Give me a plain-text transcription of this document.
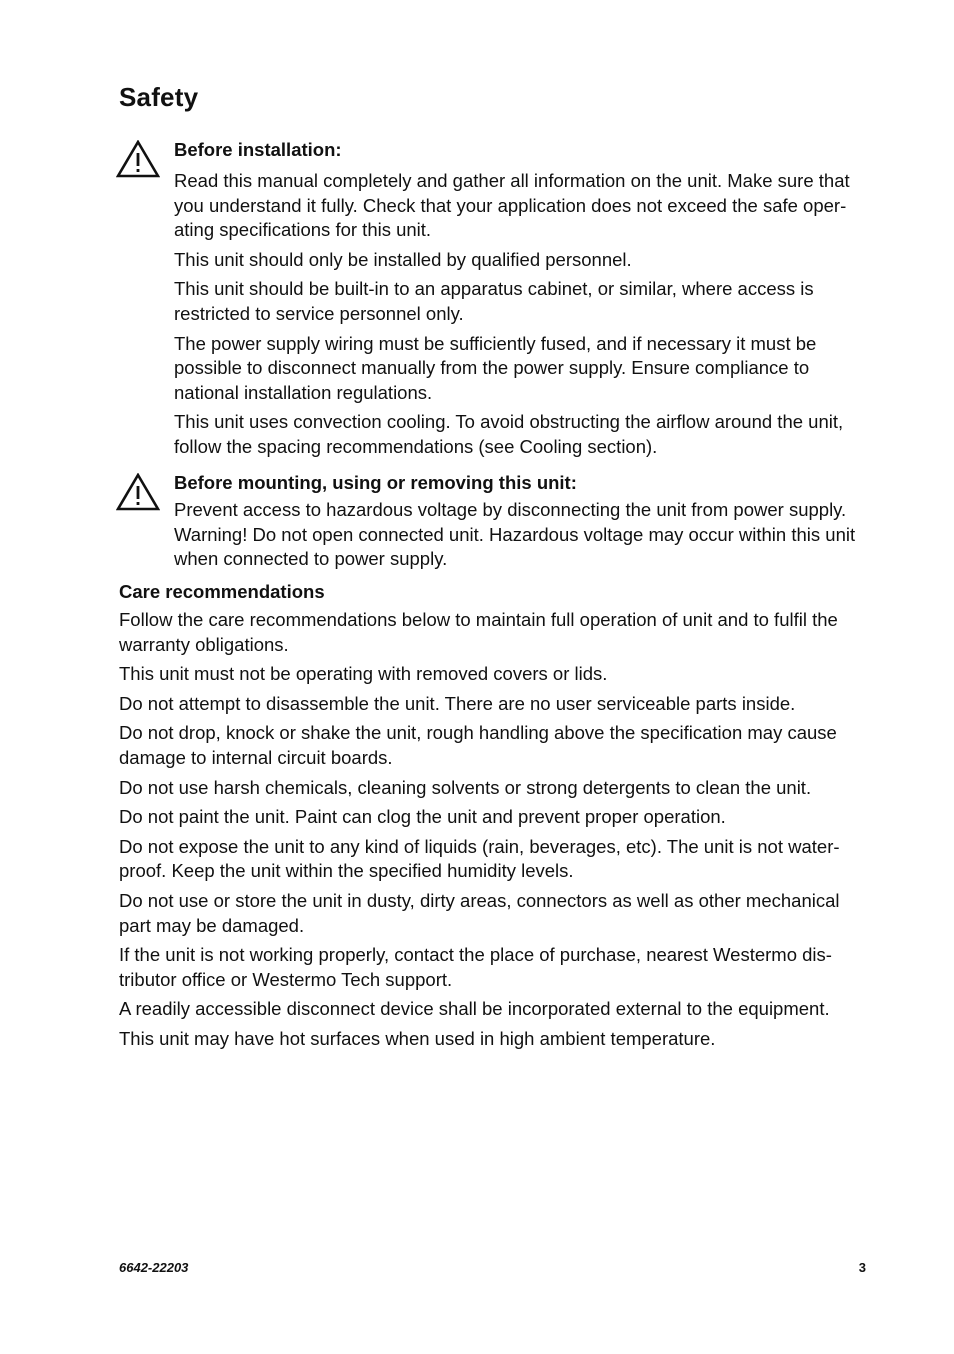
Safety
Before installation:

Read this manual completely and gather all information on the unit. Make sure that you understand it fully. Check that your application does not exceed the safe oper-ating specifications for this unit.

This unit should only be installed by qualified personnel.

This unit should be built-in to an apparatus cabinet, or similar, where access is restricted to service personnel only.

The power supply wiring must be sufficiently fused, and if necessary it must be possible to disconnect manually from the power supply. Ensure compliance to national installation regulations.

This unit uses convection cooling. To avoid obstructing the airflow around the unit, follow the spacing recommendations (see Cooling section).

Before mounting, using or removing this unit:

Prevent access to hazardous voltage by disconnecting the unit from power supply. Warning! Do not open connected unit. Hazardous voltage may occur within this unit when connected to power supply.

Care recommendations

Follow the care recommendations below to maintain full operation of unit and to fulfil the warranty obligations.

This unit must not be operating with removed covers or lids.

Do not attempt to disassemble the unit. There are no user serviceable parts inside.

Do not drop, knock or shake the unit, rough handling above the specification may cause damage to internal circuit boards.

Do not use harsh chemicals, cleaning solvents or strong detergents to clean the unit.

Do not paint the unit. Paint can clog the unit and prevent proper operation.

Do not expose the unit to any kind of liquids (rain, beverages, etc). The unit is not water-proof. Keep the unit within the specified humidity levels.

Do not use or store the unit in dusty, dirty areas, connectors as well as other mechanical part may be damaged.

If the unit is not working properly, contact the place of purchase, nearest Westermo dis-tributor office or Westermo Tech support.

A readily accessible disconnect device shall be incorporated external to the equipment.

This unit may have hot surfaces when used in high ambient temperature.

6642-22203	3
